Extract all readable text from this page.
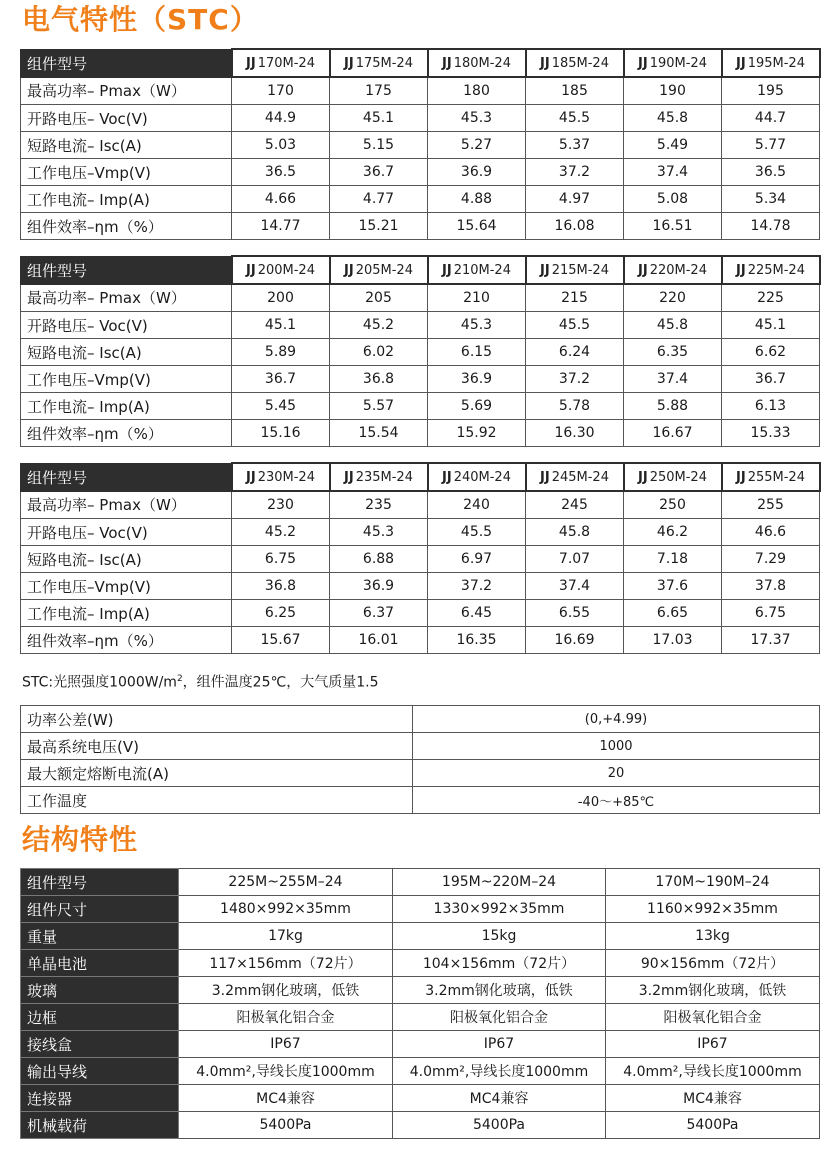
电气特性（STC）
组件型号	JJ 170M-24	JJ 175M-24	JJ 180M-24	JJ 185M-24	JJ 190M-24	JJ 195M-24
最高功率– Pmax（W）	170	175	180	185	190	195
开路电压– Voc(V)	44.9	45.1	45.3	45.5	45.8	44.7
短路电流– Isc(A)	5.03	5.15	5.27	5.37	5.49	5.77
工作电压–Vmp(V)	36.5	36.7	36.9	37.2	37.4	36.5
工作电流– Imp(A)	4.66	4.77	4.88	4.97	5.08	5.34
组件效率–ηm（%）	14.77	15.21	15.64	16.08	16.51	14.78
组件型号	JJ 200M-24	JJ 205M-24	JJ 210M-24	JJ 215M-24	JJ 220M-24	JJ 225M-24
最高功率– Pmax（W）	200	205	210	215	220	225
开路电压– Voc(V)	45.1	45.2	45.3	45.5	45.8	45.1
短路电流– Isc(A)	5.89	6.02	6.15	6.24	6.35	6.62
工作电压–Vmp(V)	36.7	36.8	36.9	37.2	37.4	36.7
工作电流– Imp(A)	5.45	5.57	5.69	5.78	5.88	6.13
组件效率–ηm（%）	15.16	15.54	15.92	16.30	16.67	15.33
组件型号	JJ 230M-24	JJ 235M-24	JJ 240M-24	JJ 245M-24	JJ 250M-24	JJ 255M-24
最高功率– Pmax（W）	230	235	240	245	250	255
开路电压– Voc(V)	45.2	45.3	45.5	45.8	46.2	46.6
短路电流– Isc(A)	6.75	6.88	6.97	7.07	7.18	7.29
工作电压–Vmp(V)	36.8	36.9	37.2	37.4	37.6	37.8
工作电流– Imp(A)	6.25	6.37	6.45	6.55	6.65	6.75
组件效率–ηm（%）	15.67	16.01	16.35	16.69	17.03	17.37

STC:光照强度$1000W/m^2$，组件温度25℃，大气质量1.5

功率公差(W)	(0,+4.99)
最高系统电压(V)	1000
最大额定熔断电流(A)	20
工作温度	-40～+85℃
结构特性
组件型号	225M~255M–24	195M~220M–24	170M~190M–24
组件尺寸	1480×992×35mm	1330×992×35mm	1160×992×35mm
重量	17kg	15kg	13kg
单晶电池	117×156mm（72片）	104×156mm（72片）	90×156mm（72片）
玻璃	3.2mm钢化玻璃，低铁	3.2mm钢化玻璃，低铁	3.2mm钢化玻璃，低铁
边框	阳极氧化铝合金	阳极氧化铝合金	阳极氧化铝合金
接线盒	IP67	IP67	IP67
输出导线	4.0mm²,导线长度1000mm	4.0mm²,导线长度1000mm	4.0mm²,导线长度1000mm
连接器	MC4兼容	MC4兼容	MC4兼容
机械载荷	5400Pa	5400Pa	5400Pa
